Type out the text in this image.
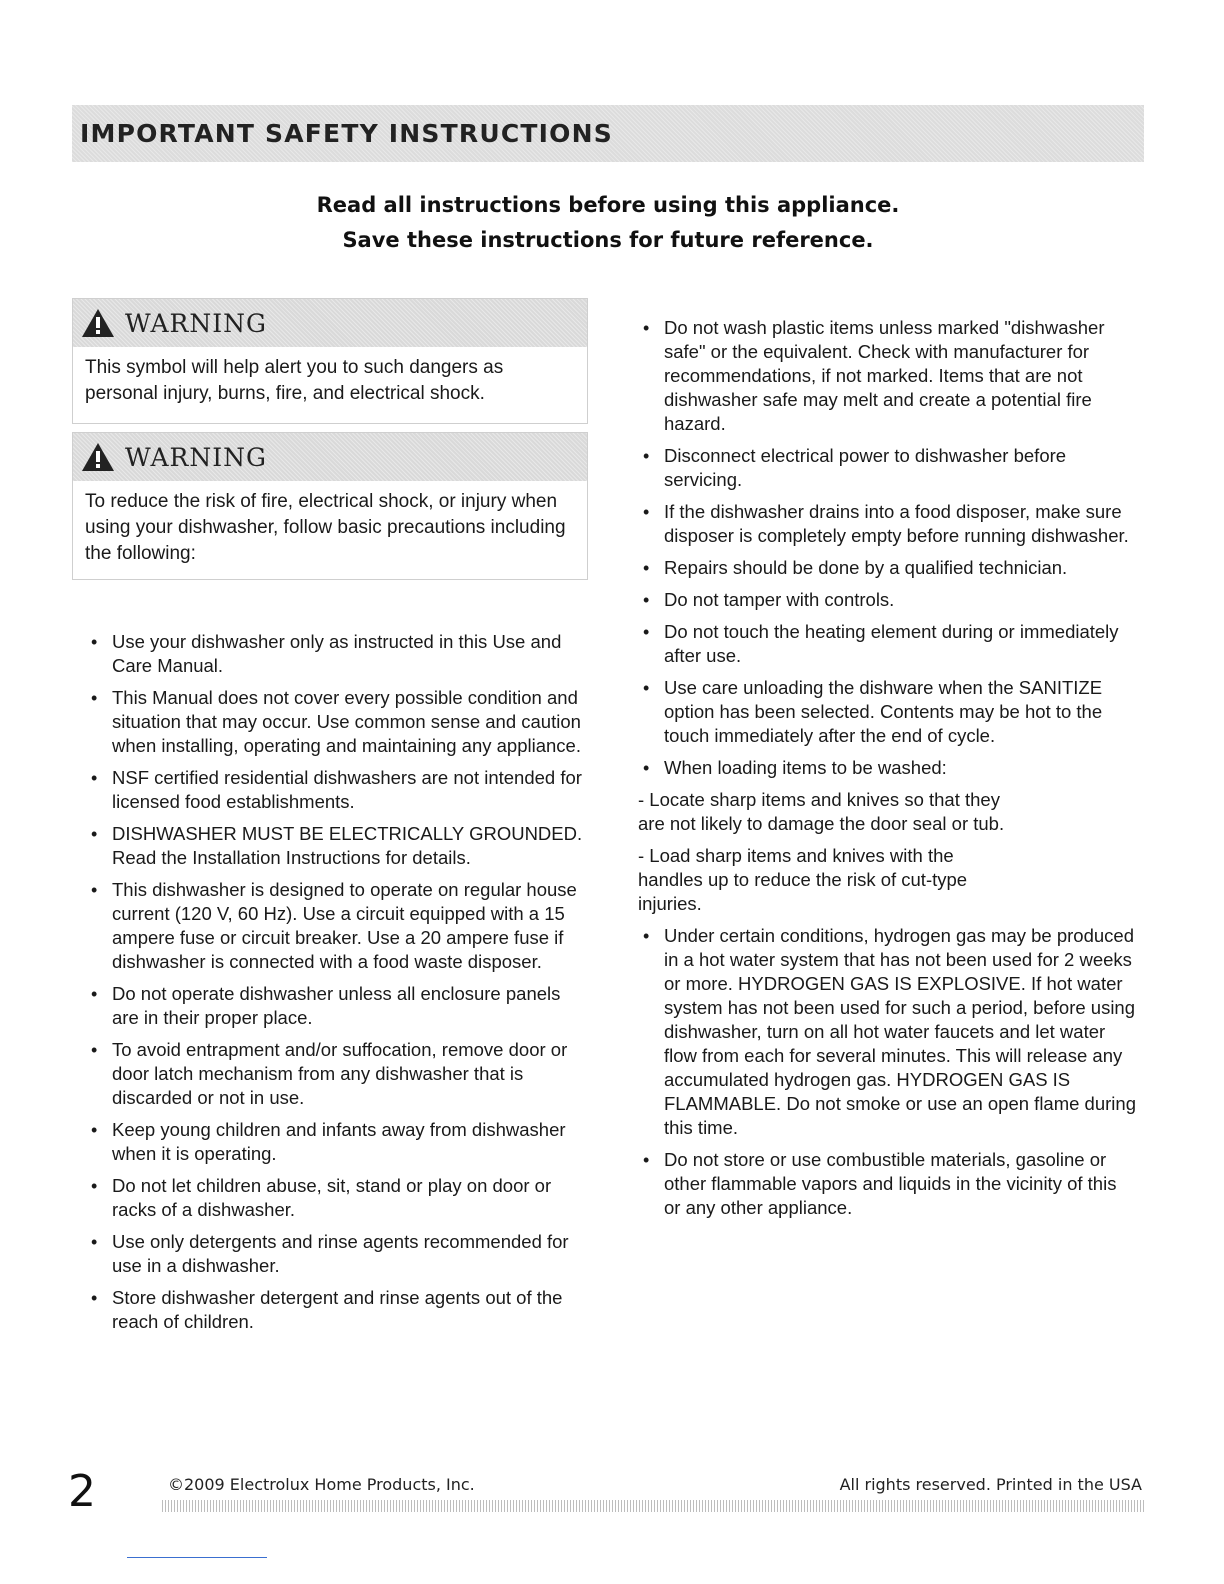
IMPORTANT SAFETY INSTRUCTIONS
Read all instructions before using this appliance.
Save these instructions for future reference.
WARNING
This symbol will help alert you to such dangers as personal injury, burns, fire, and electrical shock.
WARNING
To reduce the risk of fire, electrical shock, or injury when using your dishwasher, follow basic precautions including the following:
• Use your dishwasher only as instructed in this Use and Care Manual.
• This Manual does not cover every possible condition and situation that may occur. Use common sense and caution when installing, operating and maintaining any appliance.
• NSF certified residential dishwashers are not intended for licensed food establishments.
• DISHWASHER MUST BE ELECTRICALLY GROUNDED. Read the Installation Instructions for details.
• This dishwasher is designed to operate on regular house current (120 V, 60 Hz). Use a circuit equipped with a 15 ampere fuse or circuit breaker. Use a 20 ampere fuse if dishwasher is connected with a food waste disposer.
• Do not operate dishwasher unless all enclosure panels are in their proper place.
• To avoid entrapment and/or suffocation, remove door or door latch mechanism from any dishwasher that is discarded or not in use.
• Keep young children and infants away from dishwasher when it is operating.
• Do not let children abuse, sit, stand or play on door or racks of a dishwasher.
• Use only detergents and rinse agents recommended for use in a dishwasher.
• Store dishwasher detergent and rinse agents out of the reach of children.
• Do not wash plastic items unless marked "dishwasher safe" or the equivalent. Check with manufacturer for recommendations, if not marked. Items that are not dishwasher safe may melt and create a potential fire hazard.
• Disconnect electrical power to dishwasher before servicing.
• If the dishwasher drains into a food disposer, make sure disposer is completely empty before running dishwasher.
• Repairs should be done by a qualified technician.
• Do not tamper with controls.
• Do not touch the heating element during or immediately after use.
• Use care unloading the dishware when the SANITIZE option has been selected. Contents may be hot to the touch immediately after the end of cycle.
• When loading items to be washed:
- Locate sharp items and knives so that they are not likely to damage the door seal or tub.
- Load sharp items and knives with the handles up to reduce the risk of cut-type injuries.
• Under certain conditions, hydrogen gas may be produced in a hot water system that has not been used for 2 weeks or more. HYDROGEN GAS IS EXPLOSIVE. If hot water system has not been used for such a period, before using dishwasher, turn on all hot water faucets and let water flow from each for several minutes. This will release any accumulated hydrogen gas. HYDROGEN GAS IS FLAMMABLE. Do not smoke or use an open flame during this time.
• Do not store or use combustible materials, gasoline or other flammable vapors and liquids in the vicinity of this or any other appliance.
2	©2009 Electrolux Home Products, Inc.	All rights reserved. Printed in the USA
